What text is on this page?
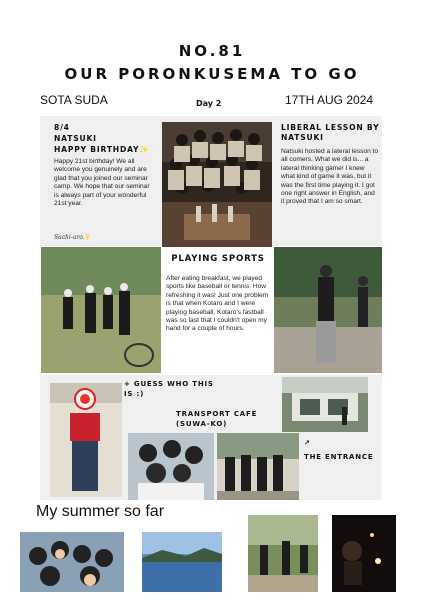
NO.81
OUR PORONKUSEMA TO GO
SOTA SUDA	Day 2	17TH AUG 2024
8/4
NATSUKI
HAPPY BIRTHDAY✨
Happy 21st birthday! We all welcome you genuinely and are glad that you joined our seminar camp. We hope that our seminar is always part of your wonderful 21st year.
Sachi-aro✨
LIBERAL LESSON BY NATSUKI
Natsuki hosted a lateral lesson to all comers. What we did is... a lateral thinking game! I knew what kind of game it was, but it was the first time playing it. I got one right answer in English, and it proved that I am so smart.
PLAYING SPORTS
After eating breakfast, we played sports like baseball or tennis. How refreshing it was! Just one problem is that when Kotaro and I were playing baseball, Kotaro's fastball was so fast that I couldn't open my hand for a couple of hours.
+ GUESS WHO THIS IS :)
TRANSPORT CAFE (SUWA-KO)
↗
THE ENTRANCE
My summer so far
